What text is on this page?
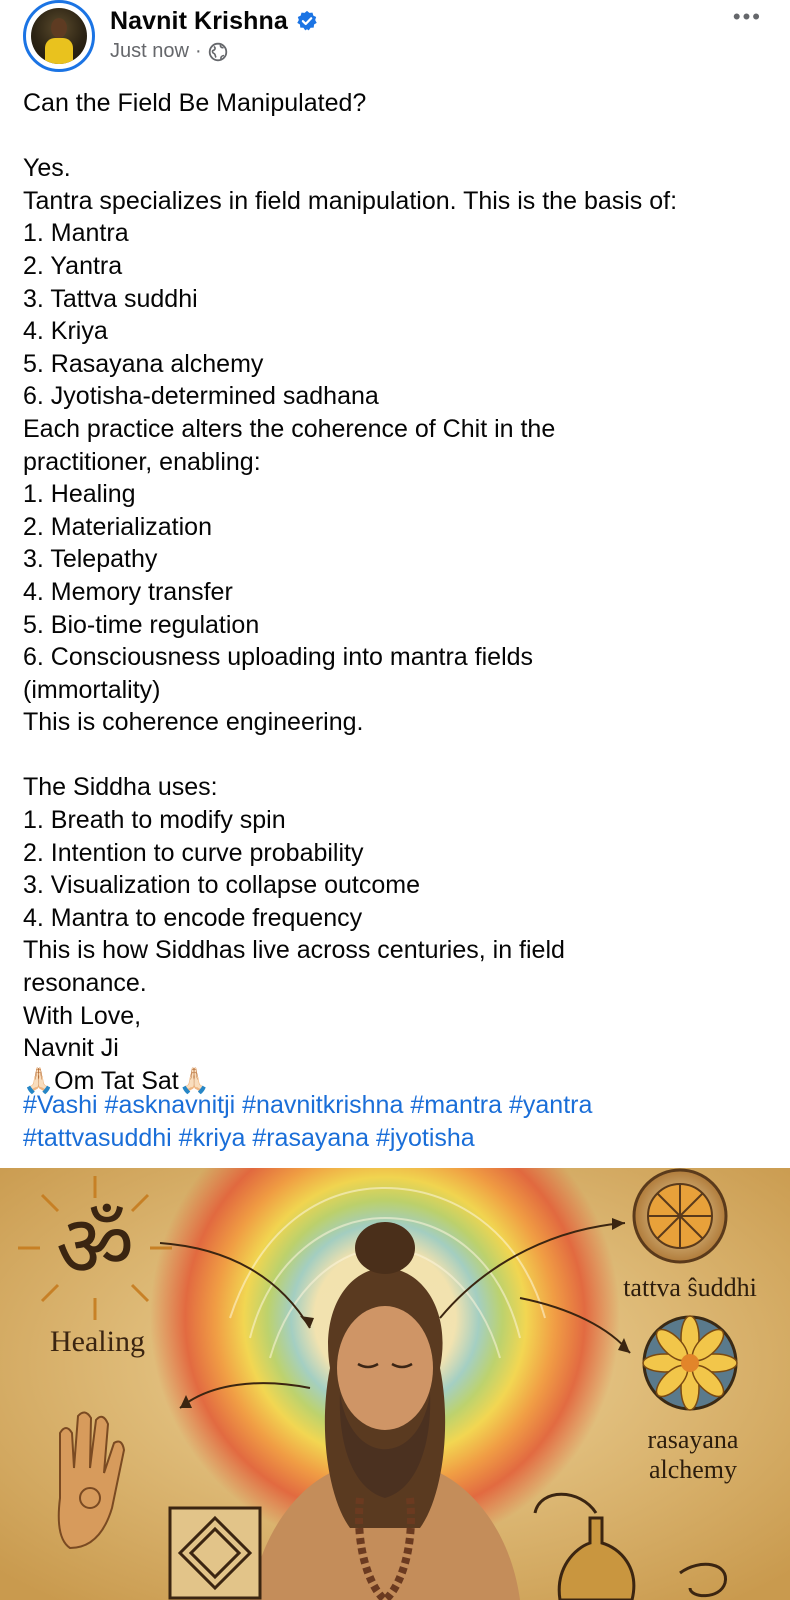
Navnit Krishna
Just now ·
•••

Can the Field Be Manipulated?

Yes.
Tantra specializes in field manipulation. This is the basis of:
1. Mantra
2. Yantra
3. Tattva suddhi
4. Kriya
5. Rasayana alchemy
6. Jyotisha-determined sadhana
Each practice alters the coherence of Chit in the
practitioner, enabling:
1. Healing
2. Materialization
3. Telepathy
4. Memory transfer
5. Bio-time regulation
6. Consciousness uploading into mantra fields
(immortality)
This is coherence engineering.

The Siddha uses:
1. Breath to modify spin
2. Intention to curve probability
3. Visualization to collapse outcome
4. Mantra to encode frequency
This is how Siddhas live across centuries, in field
resonance.
With Love,
Navnit Ji
🙏🏻Om Tat Sat🙏🏻

#Vashi #asknavnitji #navnitkrishna #mantra #yantra
#tattvasuddhi #kriya #rasayana #jyotisha
ॐ
Healing
tattva ŝuddhi
rasayana
alchemy
